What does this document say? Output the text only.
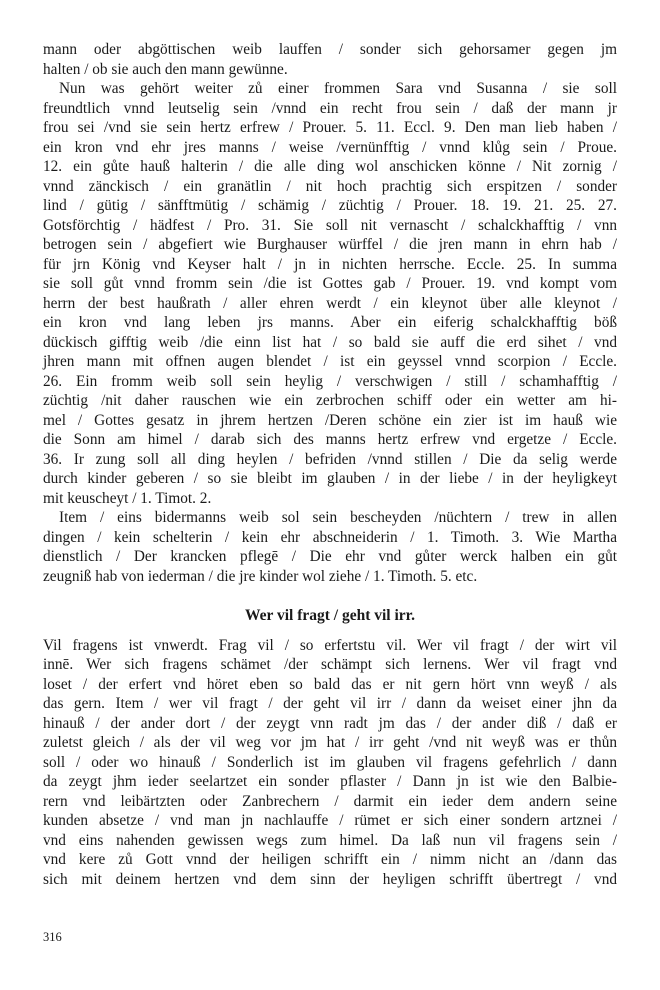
mann oder abgöttischen weib lauffen / sonder sich gehorsamer gegen jm
halten / ob sie auch den mann gewünne.
Nun was gehört weiter zů einer frommen Sara vnd Susanna / sie soll
freundtlich vnnd leutselig sein /vnnd ein recht frou sein / daß der mann jr
frou sei /vnd sie sein hertz erfrew / Prouer. 5. 11. Eccl. 9. Den man lieb haben /
ein kron vnd ehr jres manns / weise /vernünfftig / vnnd klůg sein / Proue.
12. ein gůte hauß halterin / die alle ding wol anschicken könne / Nit zornig /
vnnd zänckisch / ein granätlin / nit hoch prachtig sich erspitzen / sonder
lind / gütig / sänfftmütig / schämig / züchtig / Prouer. 18. 19. 21. 25. 27.
Gotsförchtig / hädfest / Pro. 31. Sie soll nit vernascht / schalckhafftig / vnn
betrogen sein / abgefiert wie Burghauser würffel / die jren mann in ehrn hab /
für jrn König vnd Keyser halt / jn in nichten herrsche. Eccle. 25. In summa
sie soll gůt vnnd fromm sein /die ist Gottes gab / Prouer. 19. vnd kompt vom
herrn der best haußrath / aller ehren werdt / ein kleynot über alle kleynot /
ein kron vnd lang leben jrs manns. Aber ein eiferig schalckhafftig böß
dückisch gifftig weib /die einn list hat / so bald sie auff die erd sihet / vnd
jhren mann mit offnen augen blendet / ist ein geyssel vnnd scorpion / Eccle.
26. Ein fromm weib soll sein heylig / verschwigen / still / schamhafftig /
züchtig /nit daher rauschen wie ein zerbrochen schiff oder ein wetter am hi-
mel / Gottes gesatz in jhrem hertzen /Deren schöne ein zier ist im hauß wie
die Sonn am himel / darab sich des manns hertz erfrew vnd ergetze / Eccle.
36. Ir zung soll all ding heylen / befriden /vnnd stillen / Die da selig werde
durch kinder geberen / so sie bleibt im glauben / in der liebe / in der heyligkeyt
mit keuscheyt / 1. Timot. 2.
Item / eins bidermanns weib sol sein bescheyden /nüchtern / trew in allen
dingen / kein schelterin / kein ehr abschneiderin / 1. Timoth. 3. Wie Martha
dienstlich / Der krancken pflegē / Die ehr vnd gůter werck halben ein gůt
zeugniß hab von iederman / die jre kinder wol ziehe / 1. Timoth. 5. etc.
Wer vil fragt / geht vil irr.
Vil fragens ist vnwerdt. Frag vil / so erfertstu vil. Wer vil fragt / der wirt vil
innē. Wer sich fragens schämet /der schämpt sich lernens. Wer vil fragt vnd
loset / der erfert vnd höret eben so bald das er nit gern hört vnn weyß / als
das gern. Item / wer vil fragt / der geht vil irr / dann da weiset einer jhn da
hinauß / der ander dort / der zeygt vnn radt jm das / der ander diß / daß er
zuletst gleich / als der vil weg vor jm hat / irr geht /vnd nit weyß was er thůn
soll / oder wo hinauß / Sonderlich ist im glauben vil fragens gefehrlich / dann
da zeygt jhm ieder seelartzet ein sonder pflaster / Dann jn ist wie den Balbie-
rern vnd leibärtzten oder Zanbrechern / darmit ein ieder dem andern seine
kunden absetze / vnd man jn nachlauffe / rümet er sich einer sondern artznei /
vnd eins nahenden gewissen wegs zum himel. Da laß nun vil fragens sein /
vnd kere zů Gott vnnd der heiligen schrifft ein / nimm nicht an /dann das
sich mit deinem hertzen vnd dem sinn der heyligen schrifft übertregt / vnd
316
